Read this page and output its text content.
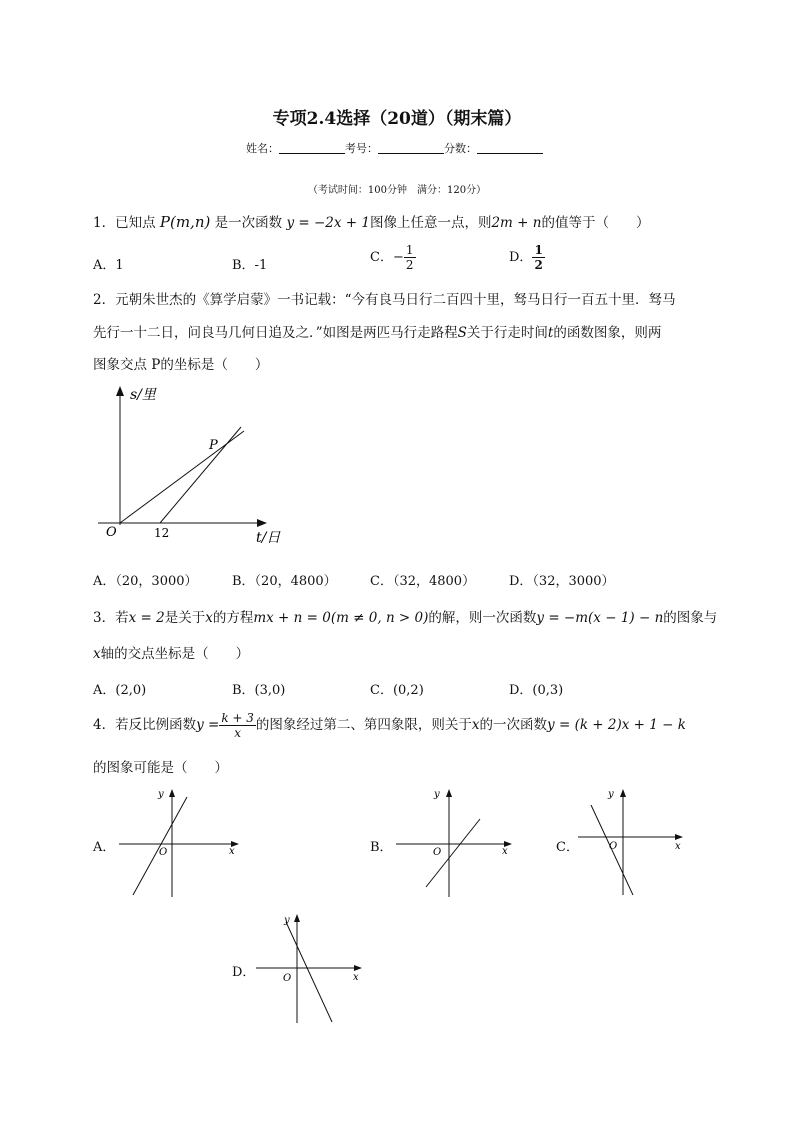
专项2.4选择（20道）（期末篇）
姓名：	考号：	分数：
（考试时间：100分钟　满分：120分）
1．已知点 P(m,n) 是一次函数 y = −2x + 1图像上任意一点，则2m + n的值等于（　　）
A．1	B．-1
C．− $\frac{1}{2}$	D． $\frac{1}{2}$
2．元朝朱世杰的《算学启蒙》一书记载：“今有良马日行二百四十里，驽马日行一百五十里．驽马
先行一十二日，问良马几何日追及之．”如图是两匹马行走路程S关于行走时间t的函数图象，则两
图象交点 P的坐标是（　　）
s/里
P
O	12	t/日
A．（20，3000）	B．（20，4800）	C．（32，4800）	D．（32，3000）
3．若x = 2是关于x的方程mx + n = 0(m ≠ 0, n > 0)的解，则一次函数y = −m(x − 1) − n的图象与
x轴的交点坐标是（　　）
A．(2,0)	B．(3,0)	C．(0,2)	D．(0,3)
4．若反比例函数$y = \frac{k + 3}{x}$ 的图象经过第二、第四象限，则关于x的一次函数y = (k + 2)x + 1 − k
的图象可能是（　　）
A．
y
x
O	B．
y
x
O	C．
y
x
O
D．
y
x
O
